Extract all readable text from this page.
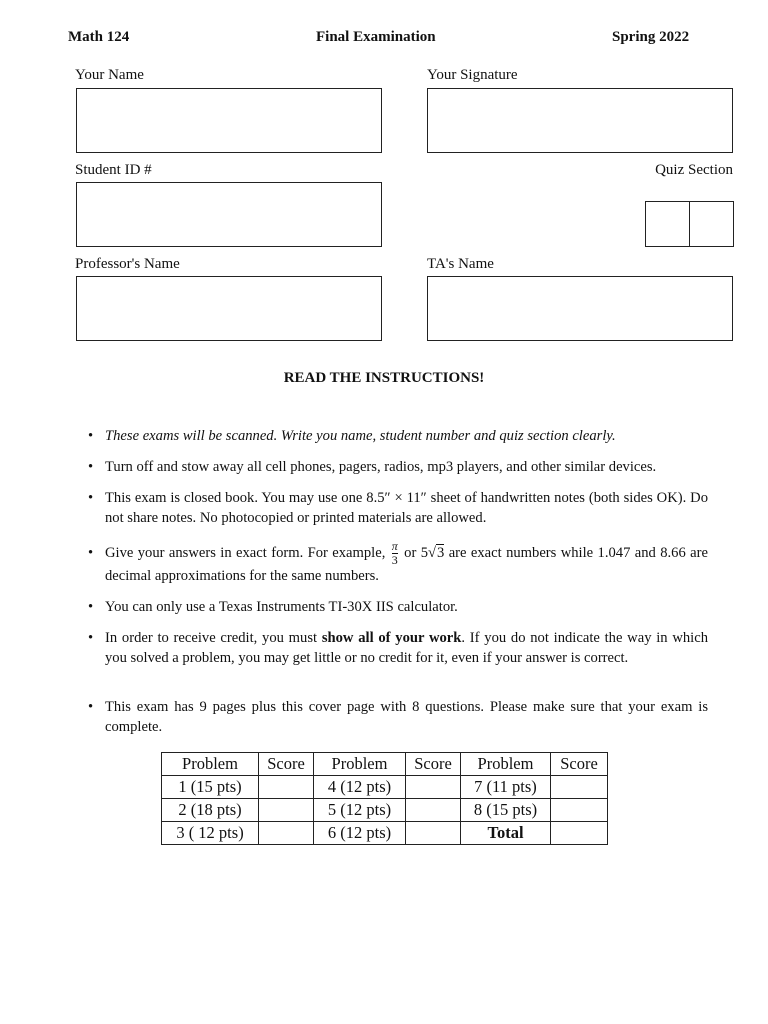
Math 124	Final Examination	Spring 2022
Your Name	Your Signature
Student ID #	Quiz Section
Professor's Name	TA's Name
READ THE INSTRUCTIONS!
• These exams will be scanned. Write you name, student number and quiz section clearly.
• Turn off and stow away all cell phones, pagers, radios, mp3 players, and other similar devices.
• This exam is closed book. You may use one 8.5″ × 11″ sheet of handwritten notes (both sides OK). Do not share notes. No photocopied or printed materials are allowed.
• Give your answers in exact form. For example, $\frac{\pi}{3}$ or 5√3 are exact numbers while 1.047 and 8.66 are decimal approximations for the same numbers.
• You can only use a Texas Instruments TI-30X IIS calculator.
• In order to receive credit, you must show all of your work. If you do not indicate the way in which you solved a problem, you may get little or no credit for it, even if your answer is correct.
• This exam has 9 pages plus this cover page with 8 questions. Please make sure that your exam is complete.
Problem	Score	Problem	Score	Problem	Score
1 (15 pts)		4 (12 pts)		7 (11 pts)	
2 (18 pts)		5 (12 pts)		8 (15 pts)	
3 ( 12 pts)		6 (12 pts)		Total	
